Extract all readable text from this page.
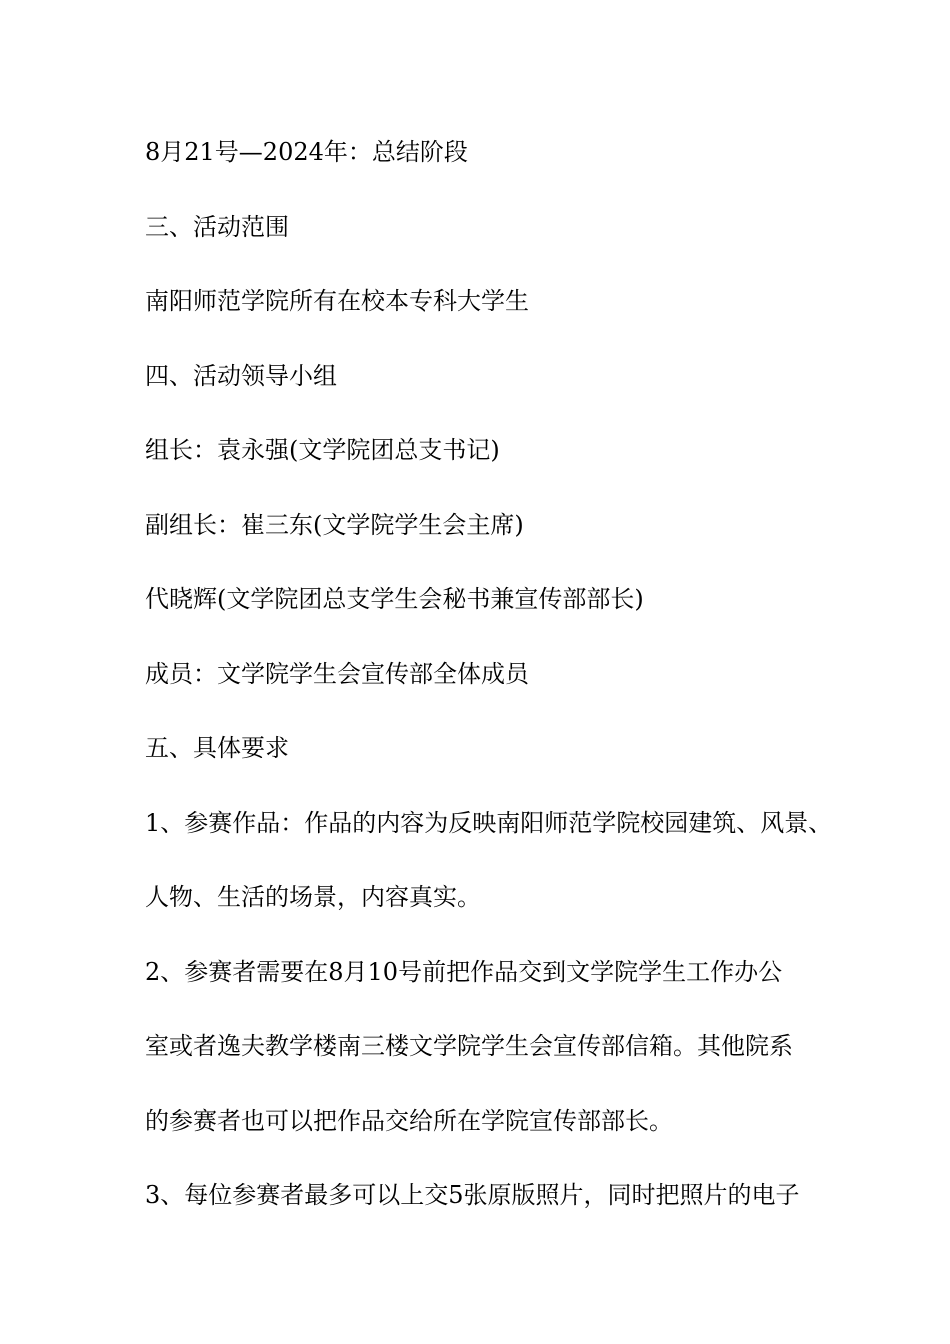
8月21号—2024年：总结阶段
三、活动范围
南阳师范学院所有在校本专科大学生
四、活动领导小组
组长：袁永强(文学院团总支书记)
副组长：崔三东(文学院学生会主席)
代晓辉(文学院团总支学生会秘书兼宣传部部长)
成员：文学院学生会宣传部全体成员
五、具体要求
1、参赛作品：作品的内容为反映南阳师范学院校园建筑、风景、
人物、生活的场景，内容真实。
2、参赛者需要在8月10号前把作品交到文学院学生工作办公
室或者逸夫教学楼南三楼文学院学生会宣传部信箱。其他院系
的参赛者也可以把作品交给所在学院宣传部部长。
3、每位参赛者最多可以上交5张原版照片，同时把照片的电子
